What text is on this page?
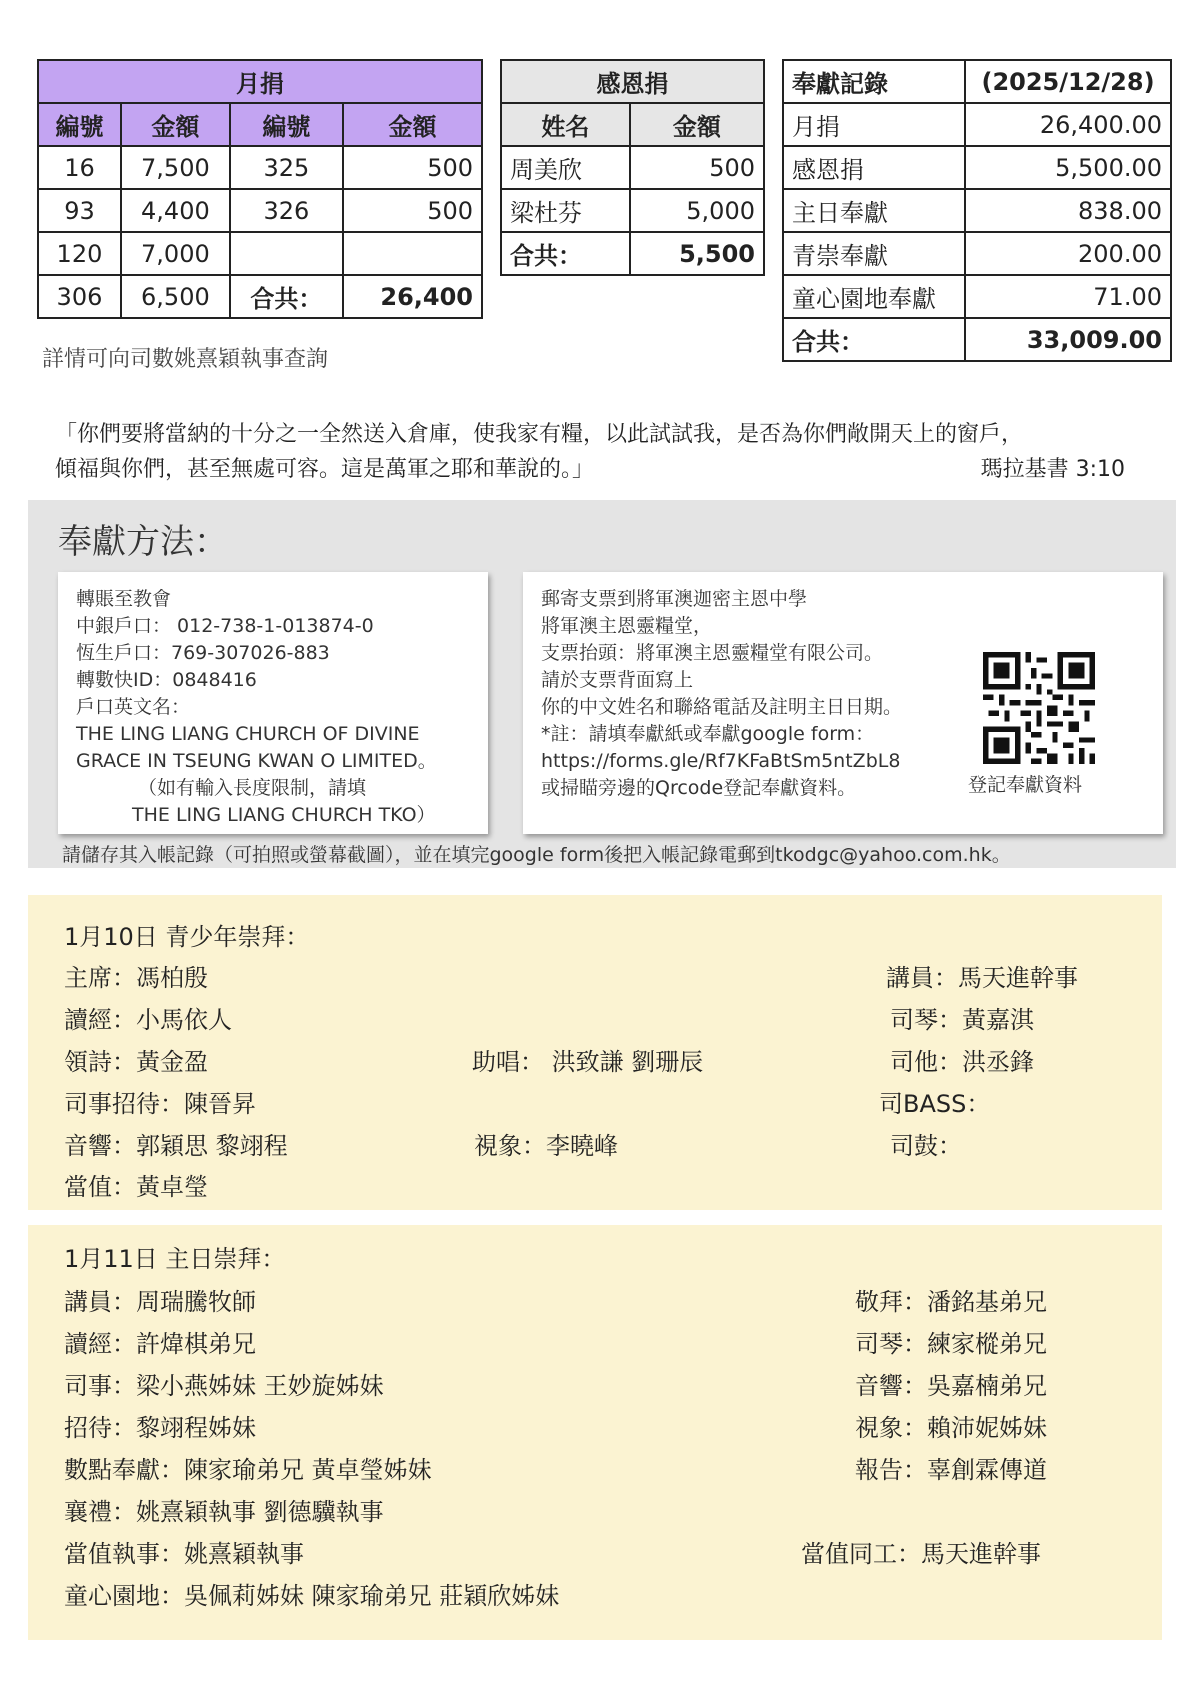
月捐			
編號	金額	編號	金額
16	7,500	325	500
93	4,400	326	500
120	7,000		
306	6,500	合共：	26,400
感恩捐	
姓名	金額
周美欣	500
梁杜芬	5,000
合共：	5,500
奉獻記錄	(2025/12/28)
月捐	26,400.00
感恩捐	5,500.00
主日奉獻	838.00
青崇奉獻	200.00
童心園地奉獻	71.00
合共：	33,009.00
詳情可向司數姚熹穎執事查詢
「你們要將當納的十分之一全然送入倉庫，使我家有糧，以此試試我，是否為你們敞開天上的窗戶，
傾福與你們，甚至無處可容。這是萬軍之耶和華說的。」	瑪拉基書 3:10
奉獻方法：
轉賬至教會
中銀戶口： 012-738-1-013874-0
恆生戶口：769-307026-883
轉數快ID：0848416
戶口英文名：
THE LING LIANG CHURCH OF DIVINE
GRACE IN TSEUNG KWAN O LIMITED。
（如有輸入長度限制，請填
THE LING LIANG CHURCH TKO）
郵寄支票到將軍澳迦密主恩中學
將軍澳主恩靈糧堂，
支票抬頭：將軍澳主恩靈糧堂有限公司。
請於支票背面寫上
你的中文姓名和聯絡電話及註明主日日期。
*註：請填奉獻紙或奉獻google form：
https://forms.gle/Rf7KFaBtSm5ntZbL8
或掃瞄旁邊的Qrcode登記奉獻資料。	登記奉獻資料
請儲存其入帳記錄（可拍照或螢幕截圖），並在填完google form後把入帳記錄電郵到tkodgc@yahoo.com.hk。
1月10日 青少年崇拜：
主席：馮柏殷	講員：馬天進幹事
讀經：小馬依人	司琴：黃嘉淇
領詩：黃金盈	助唱： 洪致謙 劉珊辰	司他：洪丞鋒
司事招待：陳晉昇	司BASS：
音響：郭穎思 黎翊程	視象：李曉峰	司鼓：
當值：黃卓瑩
1月11日 主日崇拜：
講員：周瑞騰牧師	敬拜：潘銘基弟兄
讀經：許煒棋弟兄	司琴：練家樅弟兄
司事：梁小燕姊妹 王妙旋姊妹	音響：吳嘉楠弟兄
招待：黎翊程姊妹	視象：賴沛妮姊妹
數點奉獻：陳家瑜弟兄 黃卓瑩姊妹	報告：辜創霖傳道
襄禮：姚熹穎執事 劉德驥執事
當值執事：姚熹穎執事	當值同工：馬天進幹事
童心園地：吳佩莉姊妹 陳家瑜弟兄 莊穎欣姊妹
